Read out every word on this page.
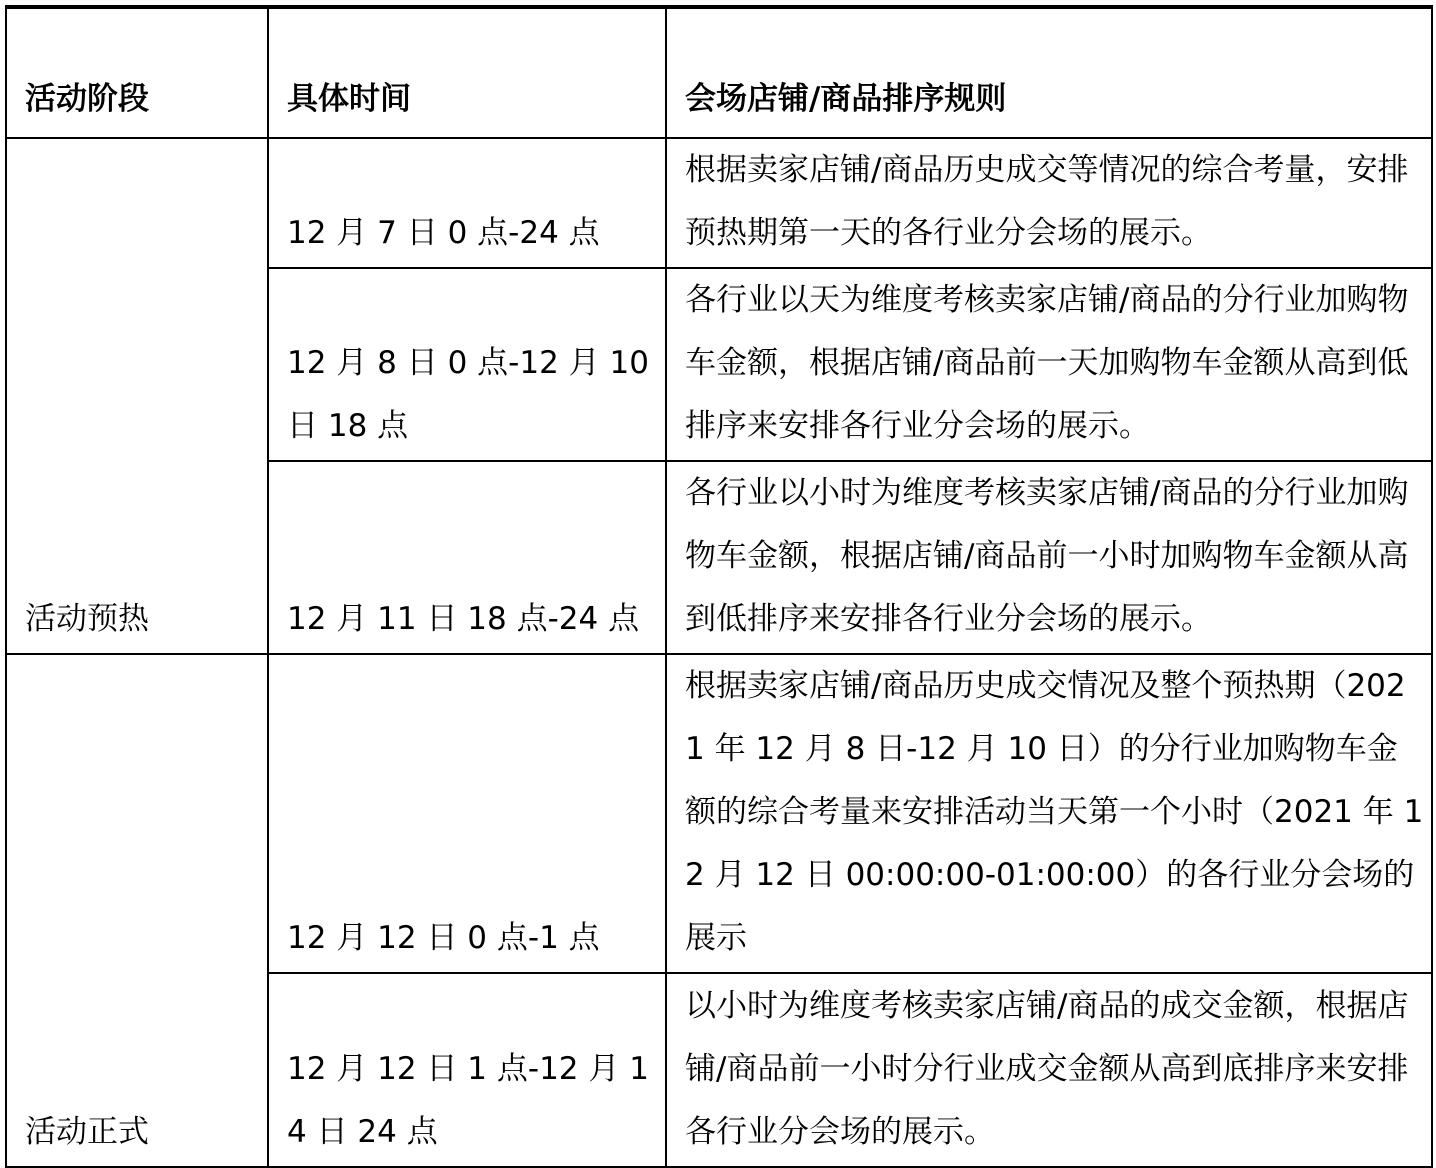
活动阶段	具体时间	会场店铺/商品排序规则

活动预热	12 月 7 日 0 点-24 点	根据卖家店铺/商品历史成交等情况的综合考量，安排预热期第一天的各行业分会场的展示。

	12 月 8 日 0 点-12 月 10 日 18 点	各行业以天为维度考核卖家店铺/商品的分行业加购物车金额，根据店铺/商品前一天加购物车金额从高到低排序来安排各行业分会场的展示。

	12 月 11 日 18 点-24 点	各行业以小时为维度考核卖家店铺/商品的分行业加购物车金额，根据店铺/商品前一小时加购物车金额从高到低排序来安排各行业分会场的展示。

活动正式	12 月 12 日 0 点-1 点	根据卖家店铺/商品历史成交情况及整个预热期（2021 年 12 月 8 日-12 月 10 日）的分行业加购物车金额的综合考量来安排活动当天第一个小时（2021 年 12 月 12 日 00:00:00-01:00:00）的各行业分会场的展示

	12 月 12 日 1 点-12 月 14 日 24 点	以小时为维度考核卖家店铺/商品的成交金额，根据店铺/商品前一小时分行业成交金额从高到底排序来安排各行业分会场的展示。
